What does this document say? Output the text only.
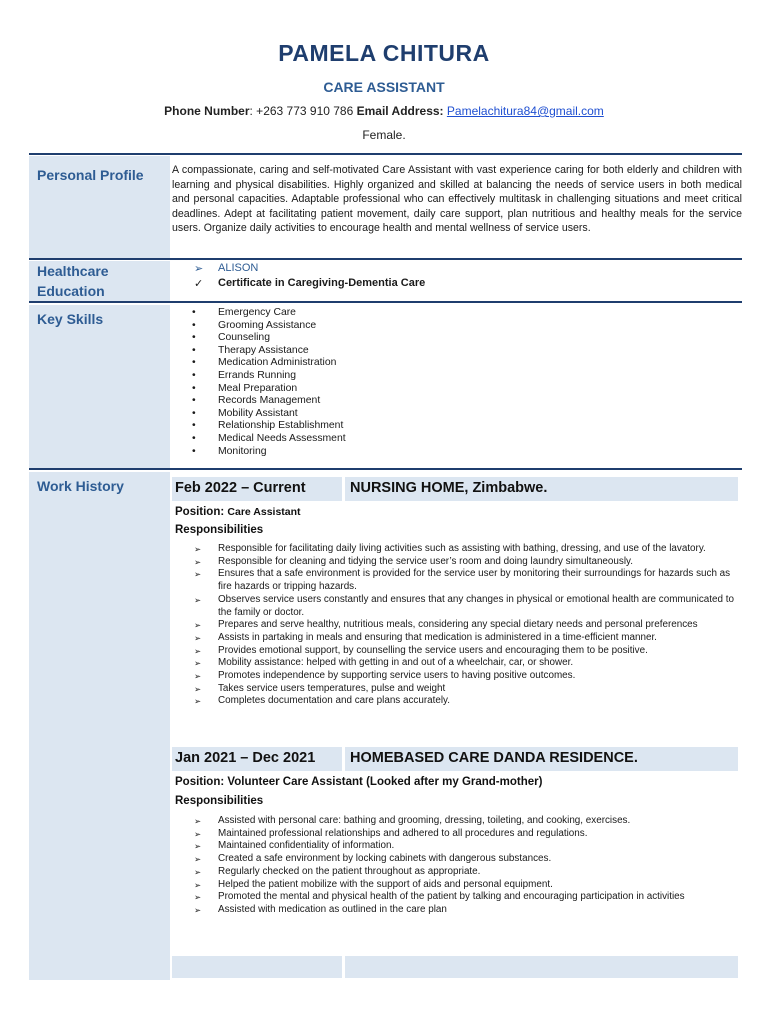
PAMELA CHITURA
CARE ASSISTANT
Phone Number: +263 773 910 786 Email Address: Pamelachitura84@gmail.com
Female.
Personal Profile	A compassionate, caring and self-motivated Care Assistant with vast experience caring for both elderly and children with learning and physical disabilities. Highly organized and skilled at balancing the needs of service users in both medical and personal capacities. Adaptable professional who can effectively multitask in challenging situations and meet critical deadlines. Adept at facilitating patient movement, daily care support, plan nutritious and healthy meals for the service users. Organize daily activities to encourage health and mental wellness of service users.
Healthcare
Education
➢	ALISON
✓	Certificate in Caregiving-Dementia Care
Key Skills
•	Emergency Care
• Grooming Assistance
• Counseling
• Therapy Assistance
• Medication Administration
• Errands Running
• Meal Preparation
• Records Management
• Mobility Assistant
• Relationship Establishment
• Medical Needs Assessment
• Monitoring
Work History	Feb 2022 – Current	NURSING HOME, Zimbabwe.
Position: Care Assistant
Responsibilities
➢ Responsible for facilitating daily living activities such as assisting with bathing, dressing, and use of the lavatory.
➢ Responsible for cleaning and tidying the service user’s room and doing laundry simultaneously.
➢ Ensures that a safe environment is provided for the service user by monitoring their surroundings for hazards such as fire hazards or tripping hazards.
➢ Observes service users constantly and ensures that any changes in physical or emotional health are communicated to the family or doctor.
➢ Prepares and serve healthy, nutritious meals, considering any special dietary needs and personal preferences
➢ Assists in partaking in meals and ensuring that medication is administered in a time-efficient manner.
➢ Provides emotional support, by counselling the service users and encouraging them to be positive.
➢ Mobility assistance: helped with getting in and out of a wheelchair, car, or shower.
➢ Promotes independence by supporting service users to having positive outcomes.
➢ Takes service users temperatures, pulse and weight
➢ Completes documentation and care plans accurately.
Jan 2021 – Dec 2021 HOMEBASED CARE DANDA RESIDENCE.
Position: Volunteer Care Assistant (Looked after my Grand-mother)
Responsibilities
➢ Assisted with personal care: bathing and grooming, dressing, toileting, and cooking, exercises.
➢ Maintained professional relationships and adhered to all procedures and regulations.
➢ Maintained confidentiality of information.
➢ Created a safe environment by locking cabinets with dangerous substances.
➢ Regularly checked on the patient throughout as appropriate.
➢ Helped the patient mobilize with the support of aids and personal equipment.
➢ Promoted the mental and physical health of the patient by talking and encouraging participation in activities
➢ Assisted with medication as outlined in the care plan
